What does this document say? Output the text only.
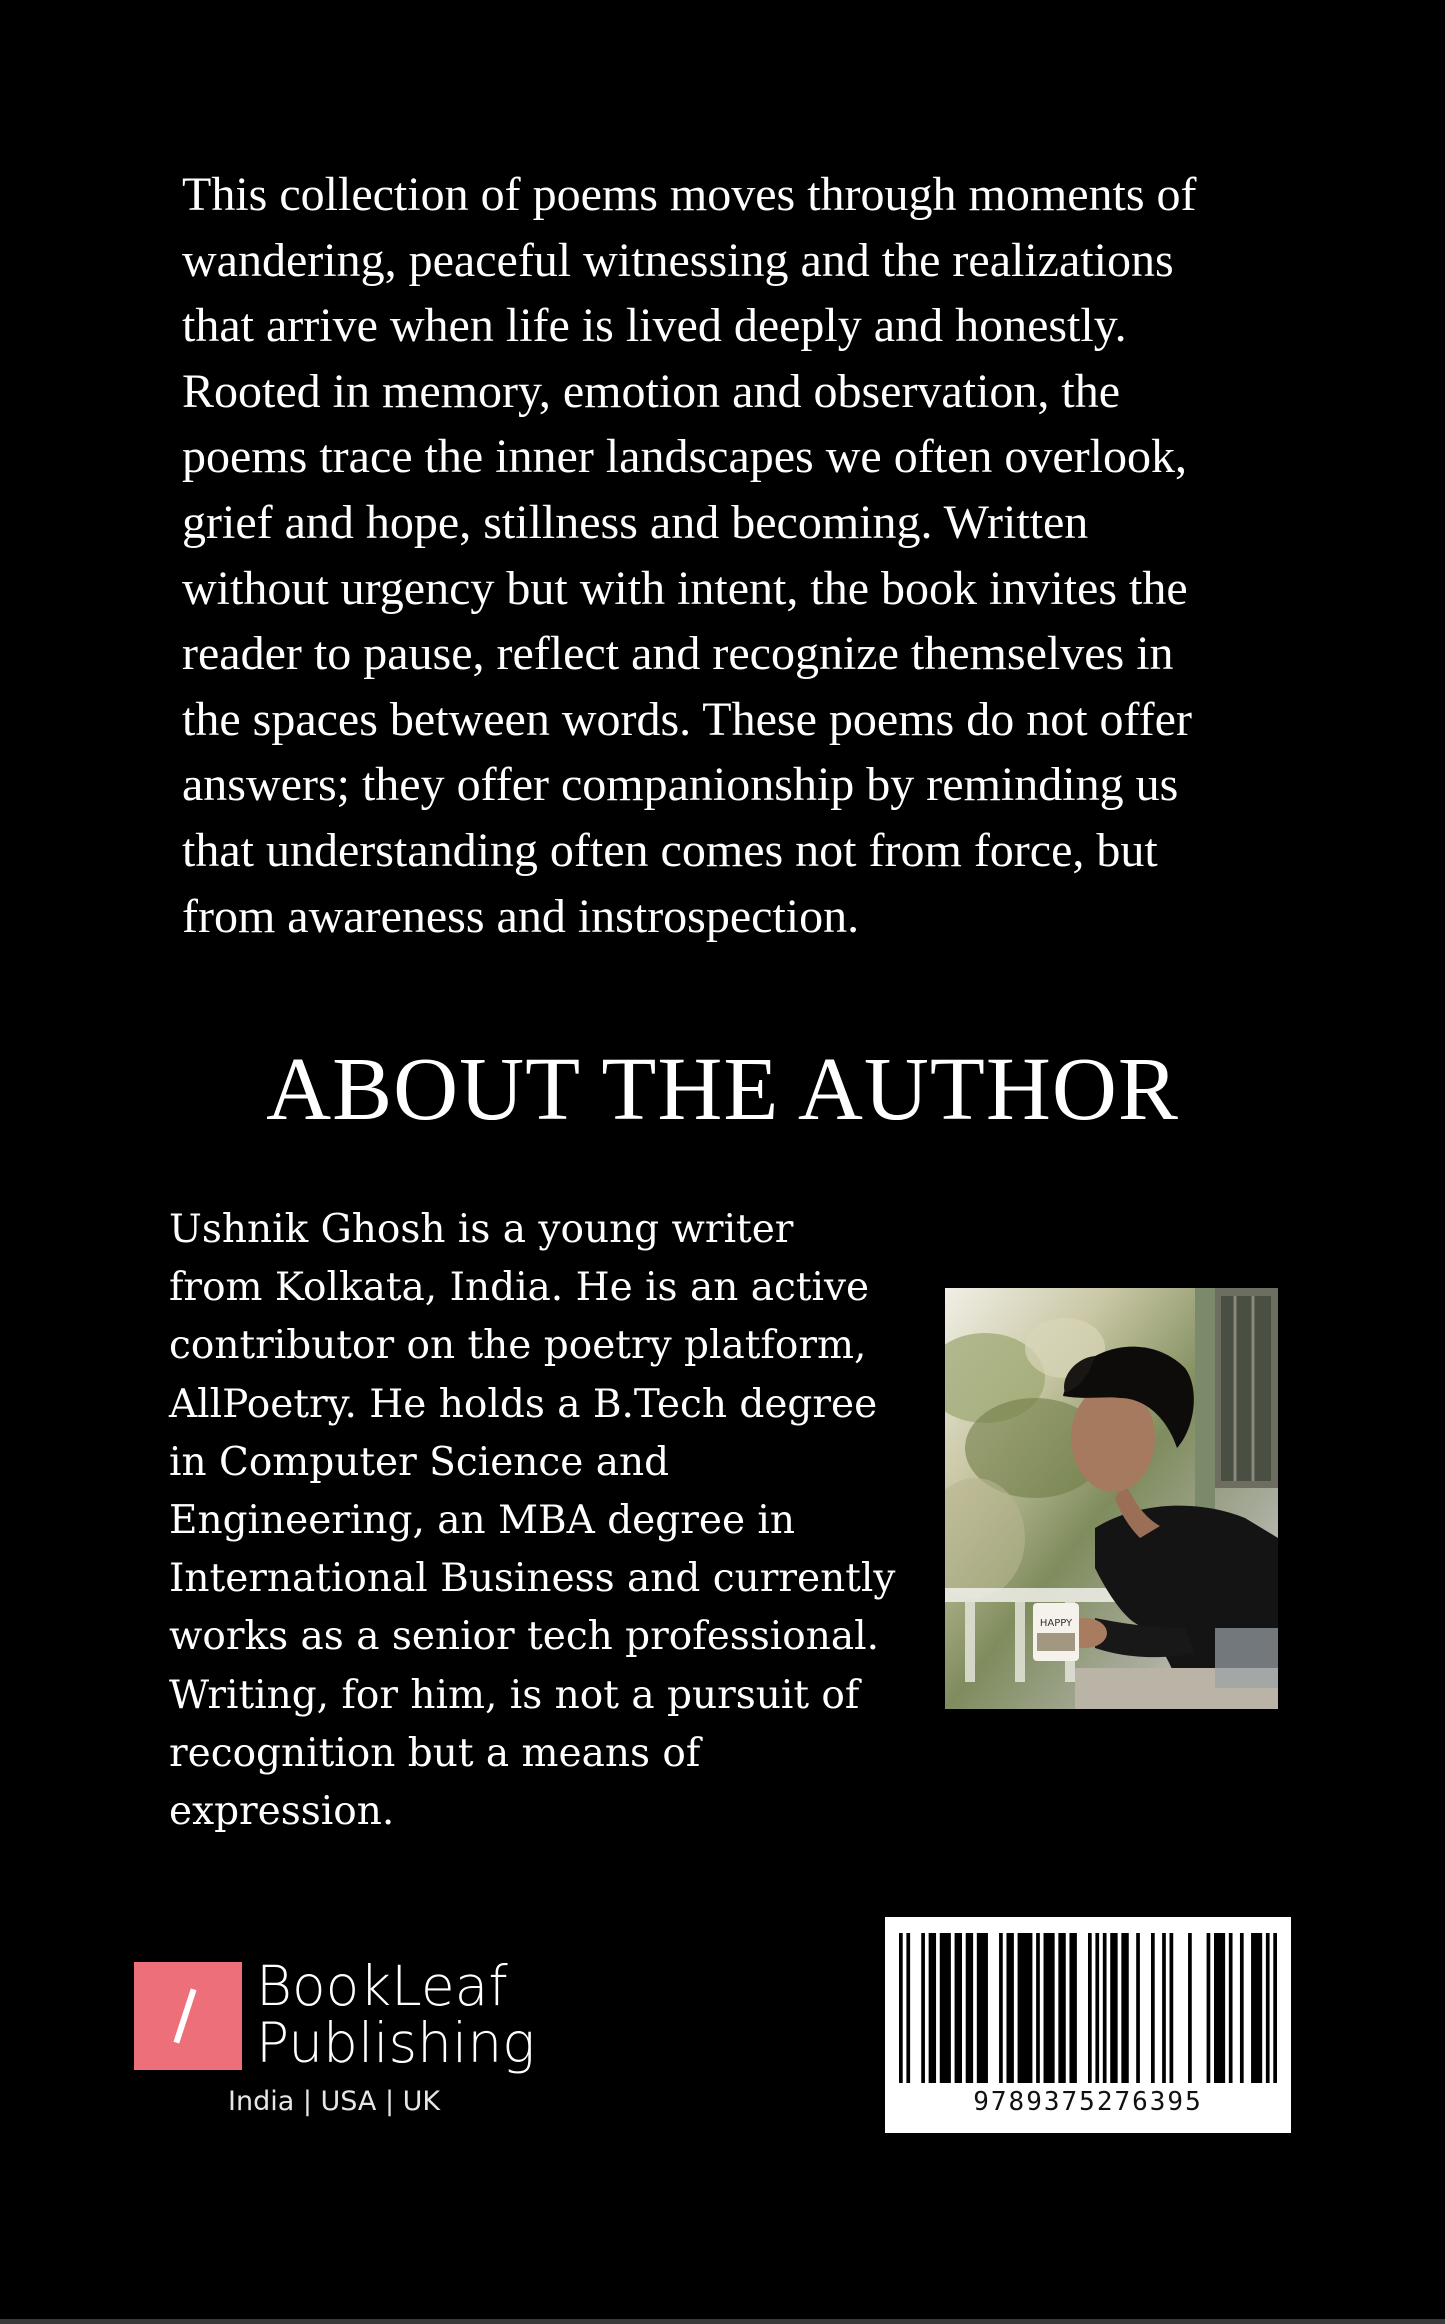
This collection of poems moves through moments of
wandering, peaceful witnessing and the realizations
that arrive when life is lived deeply and honestly.
Rooted in memory, emotion and observation, the
poems trace the inner landscapes we often overlook,
grief and hope, stillness and becoming. Written
without urgency but with intent, the book invites the
reader to pause, reflect and recognize themselves in
the spaces between words. These poems do not offer
answers; they offer companionship by reminding us
that understanding often comes not from force, but
from awareness and instrospection.
ABOUT THE AUTHOR
Ushnik Ghosh is a young writer
from Kolkata, India. He is an active
contributor on the poetry platform,
AllPoetry. He holds a B.Tech degree
in Computer Science and
Engineering, an MBA degree in
International Business and currently
works as a senior tech professional.
Writing, for him, is not a pursuit of
recognition but a means of
expression.
HAPPY
BookLeaf
Publishing
India | USA | UK	9789375276395
